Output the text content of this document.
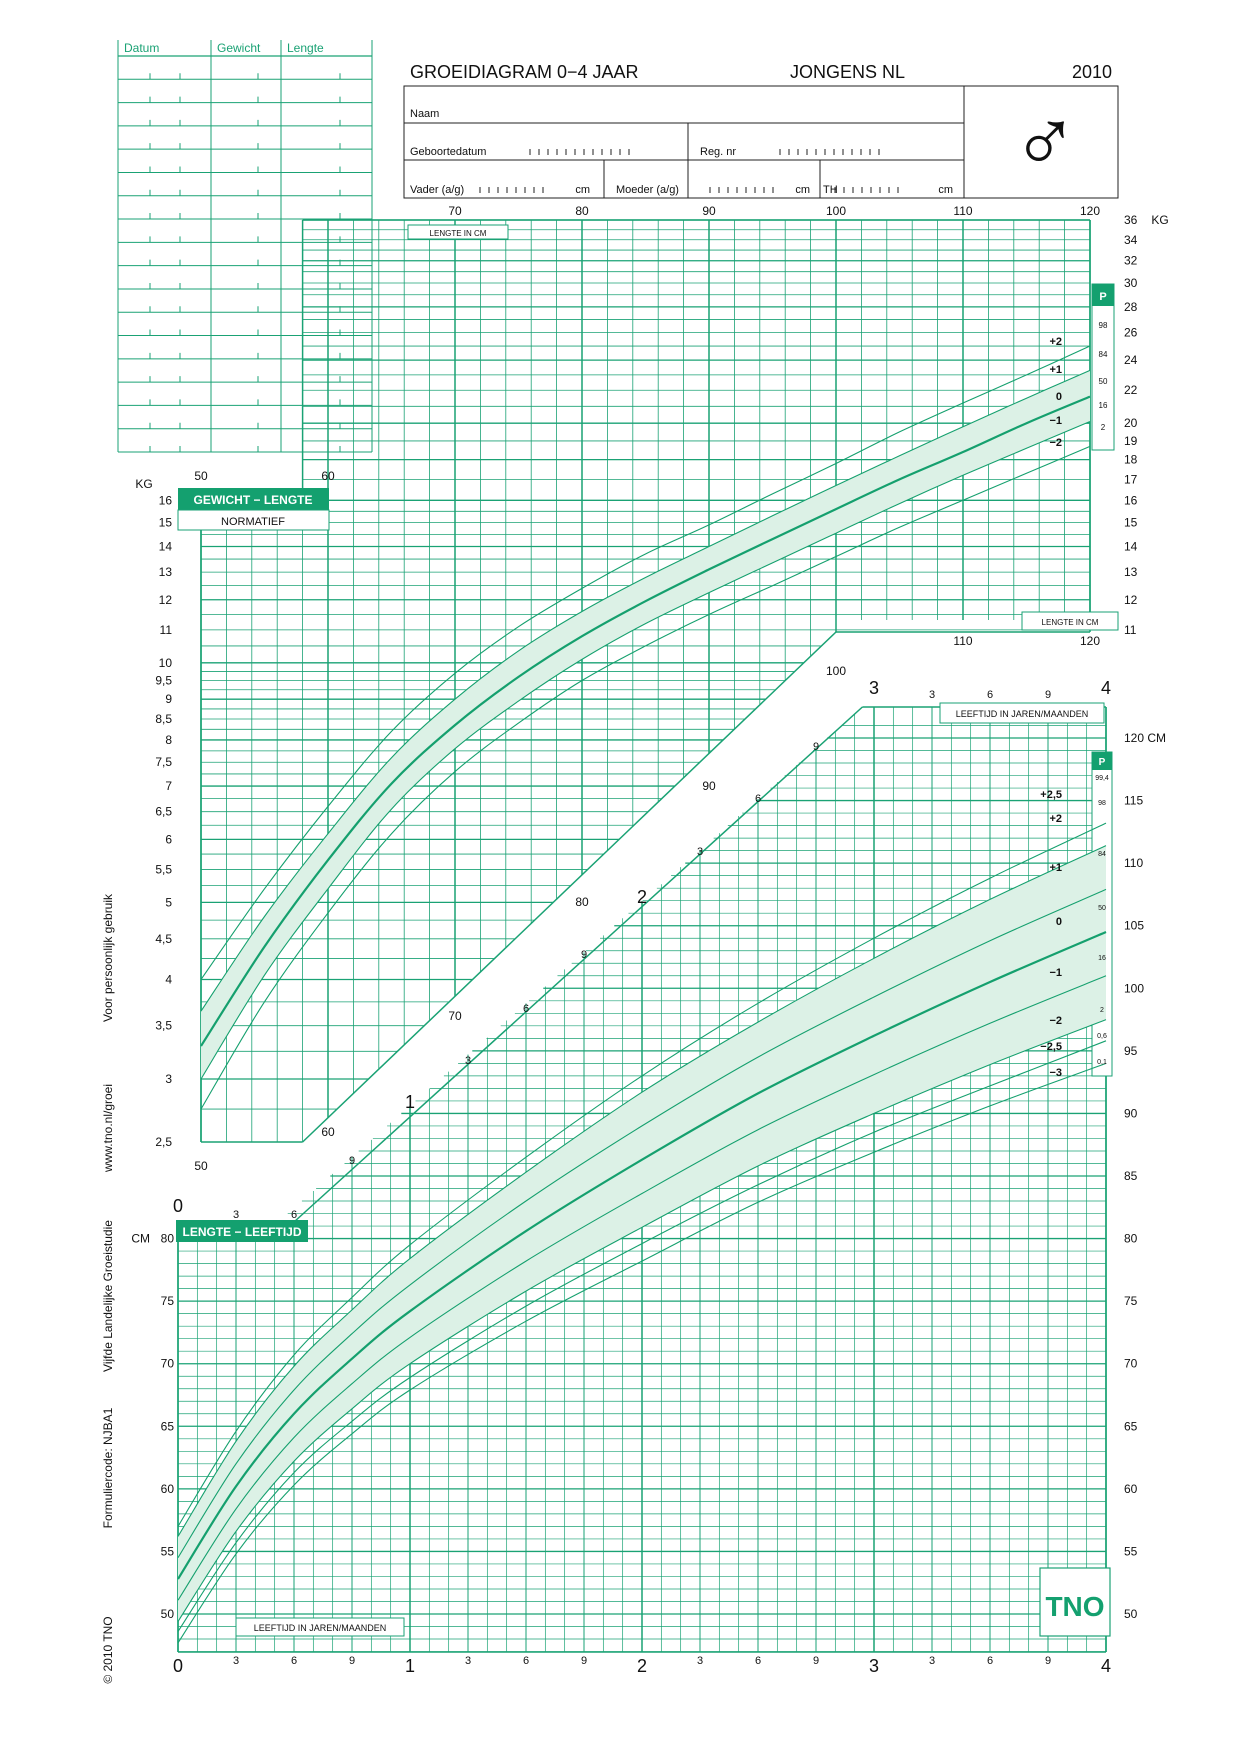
GROEIDIAGRAM 0−4 JAAR	JONGENS NL	2010
Naam
Geboortedatum	Reg. nr
Vader (a/g)	cm Moeder (a/g)	cm TH	cm ♂
Datum	Gewicht Lengte
Voor persoonlijk gebruik
www.tno.nl/groei
Vijfde Landelijke Groeistudie
Formuliercode: NJBA1
© 2010 TNO
+2
+1
0
−1
−2
P
98
84
50
16
2
50	60
70	80	90	100	110
110
120
120
50
60
70
80
90
100
2,5
3
3,5
4
4,5
5
5,5
6
6,5
7
7,5
8
8,5
9
9,5
10
11	11
12	12
13	13
14	14
15	15
16	16
17
18
19
20
22
24
26
28
30
32
34
36
KG
KG
GEWICHT − LENGTE
NORMATIEF
LENGTE IN CM
LENGTE IN CM
+2,5
+2
+1
0
−1
−2
−2,5
−3
P
99,4
98
84
50
16
2
0,6
0,1
50	50
55	55
60	60
65	65
70	70
75	75
80	80
85
90
95
100
105
110
115
120 CM
CM	LENGTE − LEEFTIJD
LEEFTIJD IN JAREN/MAANDEN
LEEFTIJD IN JAREN/MAANDEN
0	3	6	9	1	3	6	9	2	3	6	9	3	3	6	9	4
3	4
3	6	9
0	3	6
9
1
3
6
9
2
3
6
9
TNO
